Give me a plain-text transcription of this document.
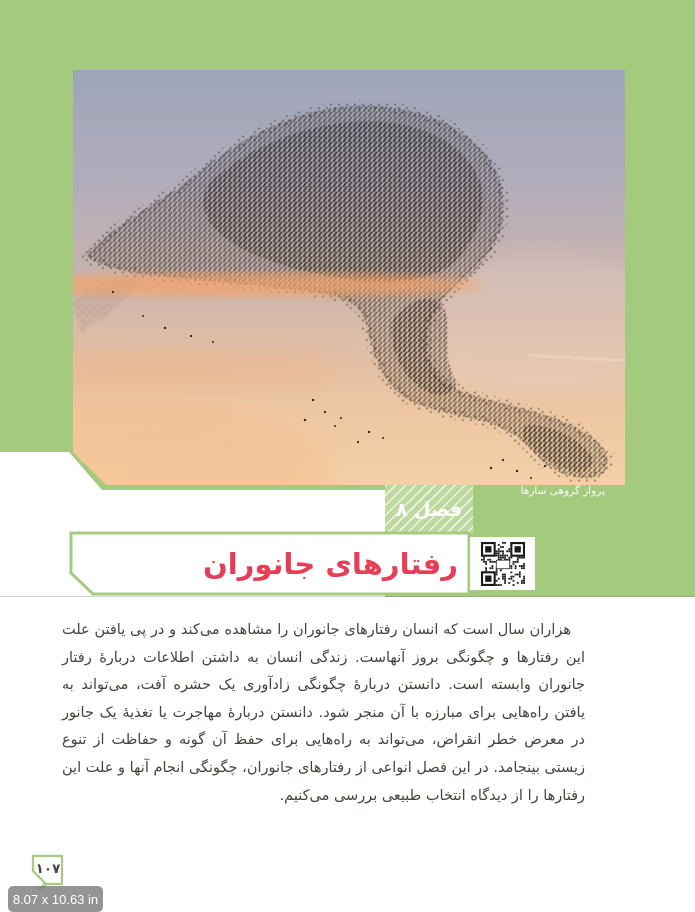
پرواز گروهی سارها
فصل ۸
رفتارهای جانوران
هزاران سال است که انسان رفتارهای جانوران را مشاهده می‌کند و در پی یافتن علت این رفتارها و چگونگی بروز آنهاست. زندگی انسان به داشتن اطلاعات دربارهٔ رفتار جانوران وابسته است. دانستن دربارهٔ چگونگی زادآوری یک حشره آفت، می‌تواند به یافتن راه‌هایی برای مبارزه با آن منجر شود. دانستن دربارهٔ مهاجرت یا تغذیهٔ یک جانور در معرض خطر انقراض، می‌تواند به راه‌هایی برای حفظ آن گونه و حفاظت از تنوع زیستی بینجامد. در این فصل انواعی از رفتارهای جانوران، چگونگی انجام آنها و علت این رفتارها را از دیدگاه انتخاب طبیعی بررسی می‌کنیم.
۱۰۷
8.07 x 10.63 in
